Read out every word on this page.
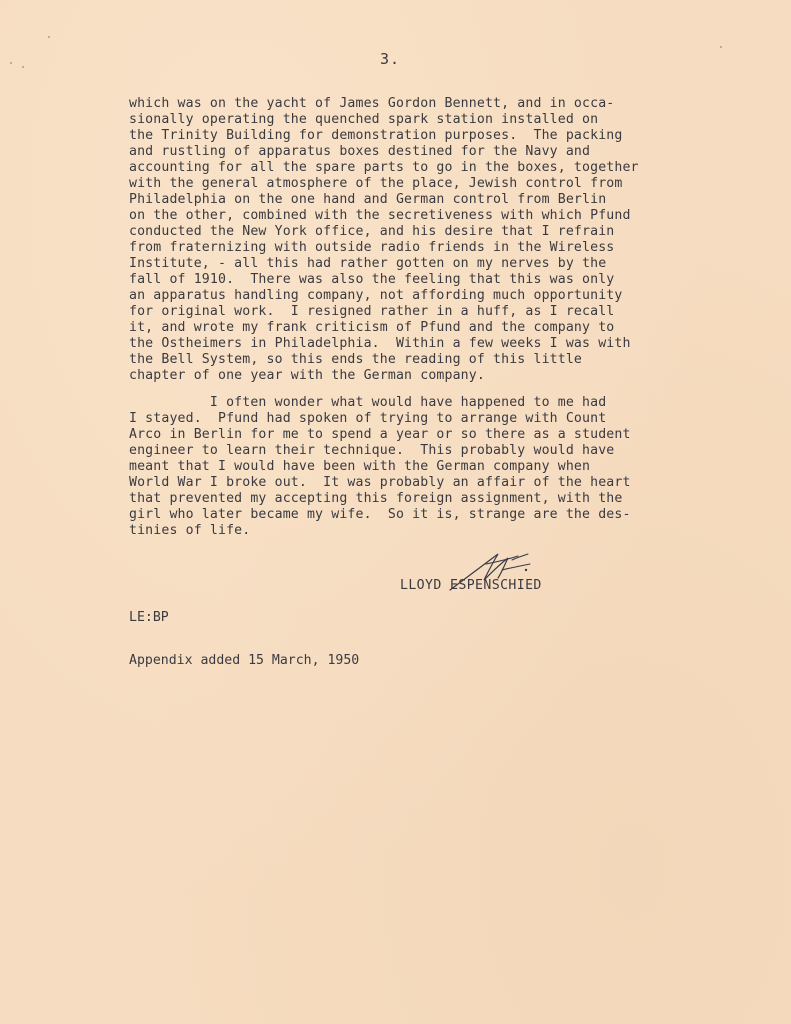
3.
which was on the yacht of James Gordon Bennett, and in occa-
sionally operating the quenched spark station installed on
the Trinity Building for demonstration purposes.  The packing
and rustling of apparatus boxes destined for the Navy and
accounting for all the spare parts to go in the boxes, together
with the general atmosphere of the place, Jewish control from
Philadelphia on the one hand and German control from Berlin
on the other, combined with the secretiveness with which Pfund
conducted the New York office, and his desire that I refrain
from fraternizing with outside radio friends in the Wireless
Institute, - all this had rather gotten on my nerves by the
fall of 1910.  There was also the feeling that this was only
an apparatus handling company, not affording much opportunity
for original work.  I resigned rather in a huff, as I recall
it, and wrote my frank criticism of Pfund and the company to
the Ostheimers in Philadelphia.  Within a few weeks I was with
the Bell System, so this ends the reading of this little
chapter of one year with the German company.
I often wonder what would have happened to me had
I stayed.  Pfund had spoken of trying to arrange with Count
Arco in Berlin for me to spend a year or so there as a student
engineer to learn their technique.  This probably would have
meant that I would have been with the German company when
World War I broke out.  It was probably an affair of the heart
that prevented my accepting this foreign assignment, with the
girl who later became my wife.  So it is, strange are the des-
tinies of life.
LLOYD ESPENSCHIED
LE:BP
Appendix added 15 March, 1950
